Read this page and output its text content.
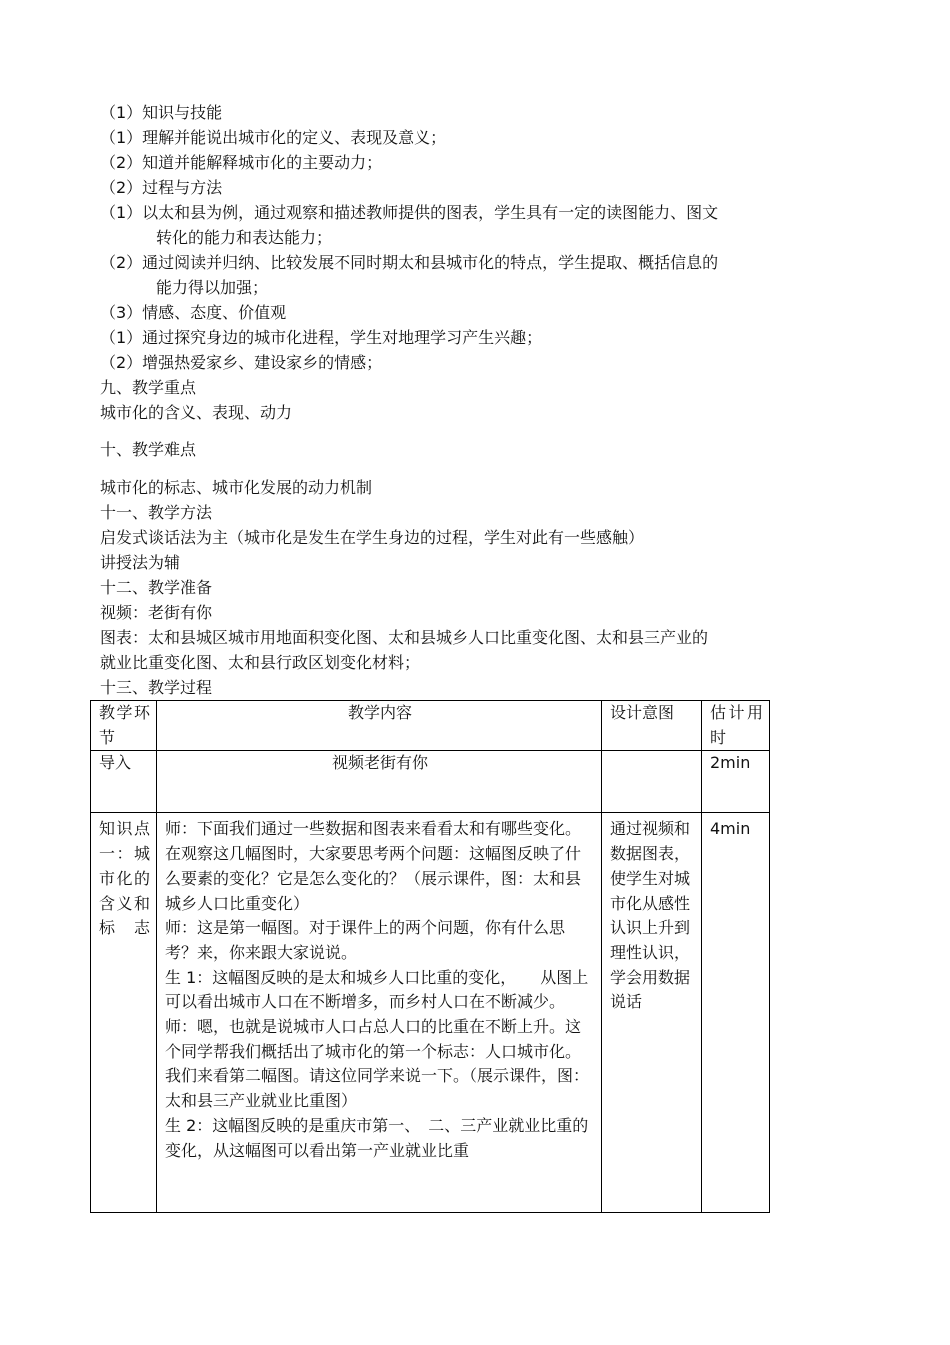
（1）知识与技能
（1）理解并能说出城市化的定义、表现及意义；
（2）知道并能解释城市化的主要动力；
（2）过程与方法
（1）以太和县为例，通过观察和描述教师提供的图表，学生具有一定的读图能力、图文
转化的能力和表达能力；
（2）通过阅读并归纳、比较发展不同时期太和县城市化的特点，学生提取、概括信息的
能力得以加强；
（3）情感、态度、价值观
（1）通过探究身边的城市化进程，学生对地理学习产生兴趣；
（2）增强热爱家乡、建设家乡的情感；
九、教学重点
城市化的含义、表现、动力
十、教学难点
城市化的标志、城市化发展的动力机制
十一、教学方法
启发式谈话法为主（城市化是发生在学生身边的过程，学生对此有一些感触）
讲授法为辅
十二、教学准备
视频：老街有你
图表：太和县城区城市用地面积变化图、太和县城乡人口比重变化图、太和县三产业的
就业比重变化图、太和县行政区划变化材料；
十三、教学过程
教学环节	教学内容	设计意图	估计用时
导入	视频老街有你		2min
知识点一：城市化的含义和标志	师：下面我们通过一些数据和图表来看看太和有哪些变化。在观察这几幅图时，大家要思考两个问题：这幅图反映了什么要素的变化？它是怎么变化的？（展示课件，图：太和县城乡人口比重变化）
师：这是第一幅图。对于课件上的两个问题，你有什么思考？来，你来跟大家说说。
生 1：这幅图反映的是太和城乡人口比重的变化，　　从图上可以看出城市人口在不断增多，而乡村人口在不断减少。
师：嗯，也就是说城市人口占总人口的比重在不断上升。这个同学帮我们概括出了城市化的第一个标志：人口城市化。我们来看第二幅图。请这位同学来说一下。（展示课件，图：太和县三产业就业比重图）
生 2：这幅图反映的是重庆市第一、　二、三产业就业比重的变化，从这幅图可以看出第一产业就业比重	通过视频和数据图表，使学生对城市化从感性认识上升到理性认识，学会用数据说话	4min
